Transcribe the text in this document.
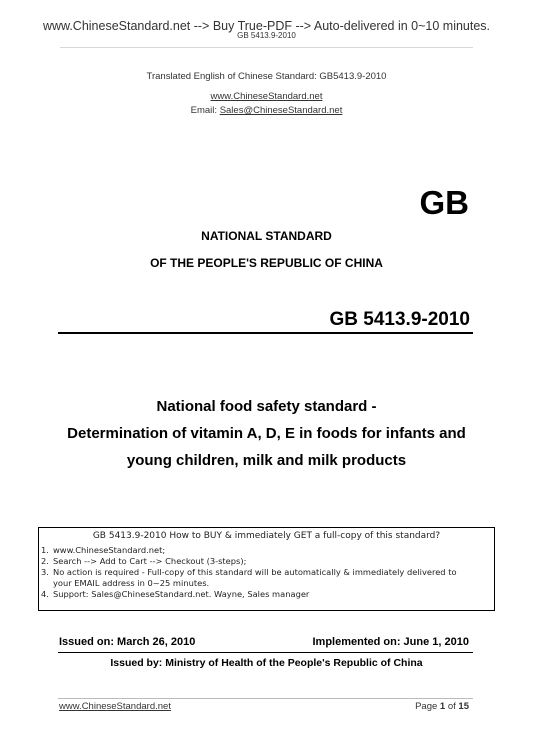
www.ChineseStandard.net --> Buy True-PDF --> Auto-delivered in 0~10 minutes.
GB 5413.9-2010
Translated English of Chinese Standard: GB5413.9-2010
www.ChineseStandard.net
Email: Sales@ChineseStandard.net
GB
NATIONAL STANDARD
OF THE PEOPLE'S REPUBLIC OF CHINA
GB 5413.9-2010
National food safety standard -
Determination of vitamin A, D, E in foods for infants and
young children, milk and milk products
GB 5413.9-2010 How to BUY & immediately GET a full-copy of this standard?
1. www.ChineseStandard.net;
2. Search --> Add to Cart --> Checkout (3-steps);
3. No action is required - Full-copy of this standard will be automatically & immediately delivered to
your EMAIL address in 0~25 minutes.
4. Support: Sales@ChineseStandard.net. Wayne, Sales manager
Issued on: March 26, 2010	Implemented on: June 1, 2010
Issued by: Ministry of Health of the People's Republic of China
www.ChineseStandard.net	Page 1 of 15
